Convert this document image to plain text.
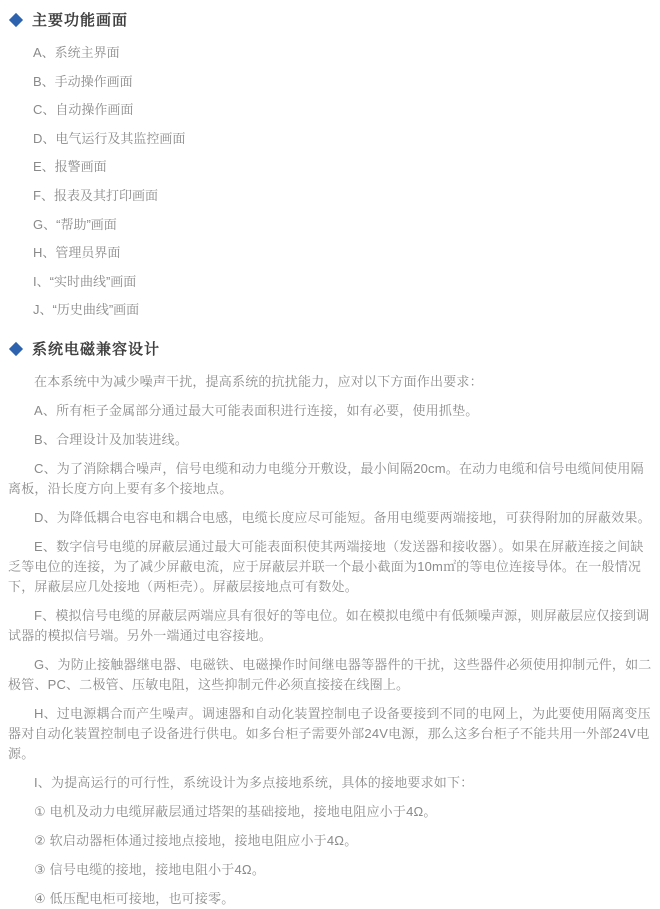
主要功能画面
A、系统主界面
B、手动操作画面
C、自动操作画面
D、电气运行及其监控画面
E、报警画面
F、报表及其打印画面
G、“帮助”画面
H、管理员界面
I、“实时曲线”画面
J、“历史曲线”画面
系统电磁兼容设计

在本系统中为减少噪声干扰，提高系统的抗扰能力，应对以下方面作出要求：

A、所有柜子金属部分通过最大可能表面积进行连接，如有必要，使用抓垫。

B、合理设计及加装进线。

C、为了消除耦合噪声，信号电缆和动力电缆分开敷设，最小间隔20cm。在动力电缆和信号电缆间使用隔离板，沿长度方向上要有多个接地点。

D、为降低耦合电容电和耦合电感，电缆长度应尽可能短。备用电缆要两端接地，可获得附加的屏蔽效果。

E、数字信号电缆的屏蔽层通过最大可能表面积使其两端接地（发送器和接收器）。如果在屏蔽连接之间缺乏等电位的连接，为了减少屏蔽电流，应于屏蔽层并联一个最小截面为10m㎡的等电位连接导体。在一般情况下，屏蔽层应几处接地（两柜壳）。屏蔽层接地点可有数处。

F、模拟信号电缆的屏蔽层两端应具有很好的等电位。如在模拟电缆中有低频噪声源，则屏蔽层应仅接到调试器的模拟信号端。另外一端通过电容接地。

G、为防止接触器继电器、电磁铁、电磁操作时间继电器等器件的干扰，这些器件必须使用抑制元件，如二极管、PC、二极管、压敏电阻，这些抑制元件必须直接接在线圈上。

H、过电源耦合而产生噪声。调速器和自动化装置控制电子设备要接到不同的电网上，为此要使用隔离变压器对自动化装置控制电子设备进行供电。如多台柜子需要外部24V电源，那么这多台柜子不能共用一外部24V电源。

I、为提高运行的可行性，系统设计为多点接地系统，具体的接地要求如下：

① 电机及动力电缆屏蔽层通过塔架的基础接地，接地电阻应小于4Ω。
② 软启动器柜体通过接地点接地，接地电阻应小于4Ω。
③ 信号电缆的接地，接地电阻小于4Ω。
④ 低压配电柜可接地，也可接零。
